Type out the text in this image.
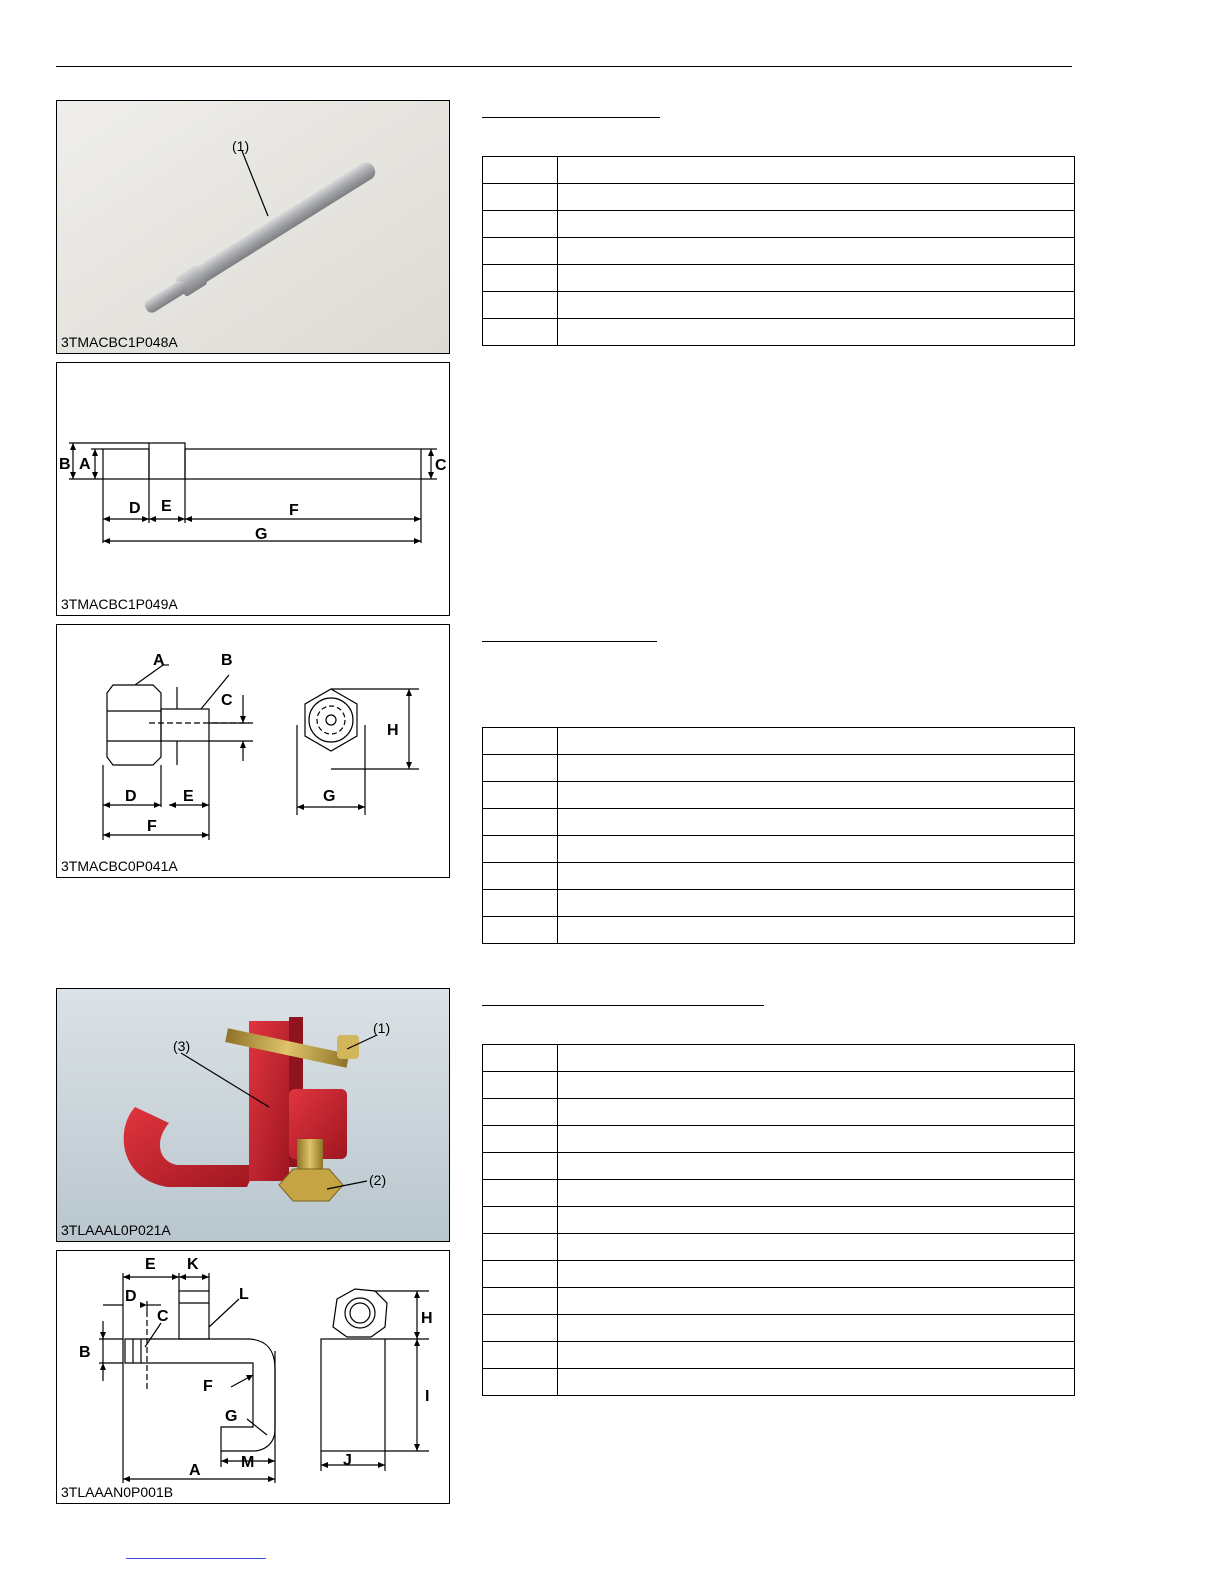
(1)
3TMACBC1P048A
B A	C
D E	F
G
3TMACBC1P049A
A	B
C
D	E
F
G
H
3TMACBC0P041A
(3)
(1)
(2)
3TLAAAL0P021A
E K
D
C
L
B
F
G
A	M
H
I
J
3TLAAAN0P001B
